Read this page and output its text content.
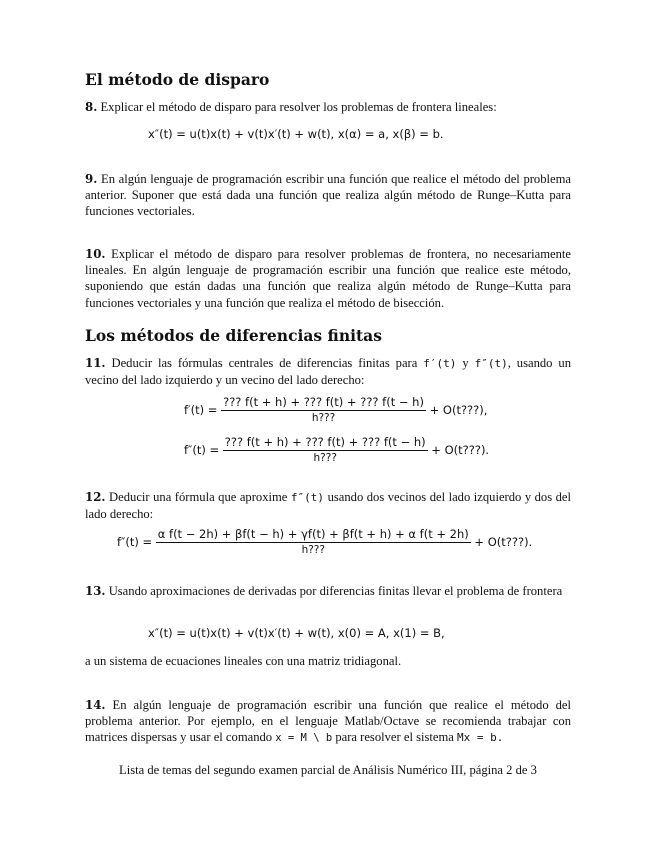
El método de disparo
8. Explicar el método de disparo para resolver los problemas de frontera lineales:
x″(t) = u(t)x(t) + v(t)x′(t) + w(t), x(α) = a, x(β) = b.
9. En algún lenguaje de programación escribir una función que realice el método del problema anterior. Suponer que está dada una función que realiza algún método de Runge–Kutta para funciones vectoriales.
10. Explicar el método de disparo para resolver problemas de frontera, no necesariamente lineales. En algún lenguaje de programación escribir una función que realice este método, suponiendo que están dadas una función que realiza algún método de Runge–Kutta para funciones vectoriales y una función que realiza el método de bisección.
Los métodos de diferencias finitas
11. Deducir las fórmulas centrales de diferencias finitas para f′(t) y f″(t), usando un vecino del lado izquierdo y un vecino del lado derecho:
$f'(t) = \frac{??? f(t + h) + ??? f(t) + ??? f(t - h)}{h???}$ + O(t???),
$f''(t) = \frac{??? f(t + h) + ??? f(t) + ??? f(t - h)}{h???}$ + O(t???).
12. Deducir una fórmula que aproxime f″(t) usando dos vecinos del lado izquierdo y dos del lado derecho:
$f''(t) = \frac{\text{α f(t − 2h) + βf(t − h) + γf(t) + βf(t + h) + α f(t + 2h)}}{h???}$ + O(t???).
13. Usando aproximaciones de derivadas por diferencias finitas llevar el problema de frontera
x″(t) = u(t)x(t) + v(t)x′(t) + w(t), x(0) = A, x(1) = B,
a un sistema de ecuaciones lineales con una matriz tridiagonal.
14. En algún lenguaje de programación escribir una función que realice el método del problema anterior. Por ejemplo, en el lenguaje Matlab/Octave se recomienda trabajar con matrices dispersas y usar el comando x = M \ b para resolver el sistema Mx = b.
Lista de temas del segundo examen parcial de Análisis Numérico III, página 2 de 3
